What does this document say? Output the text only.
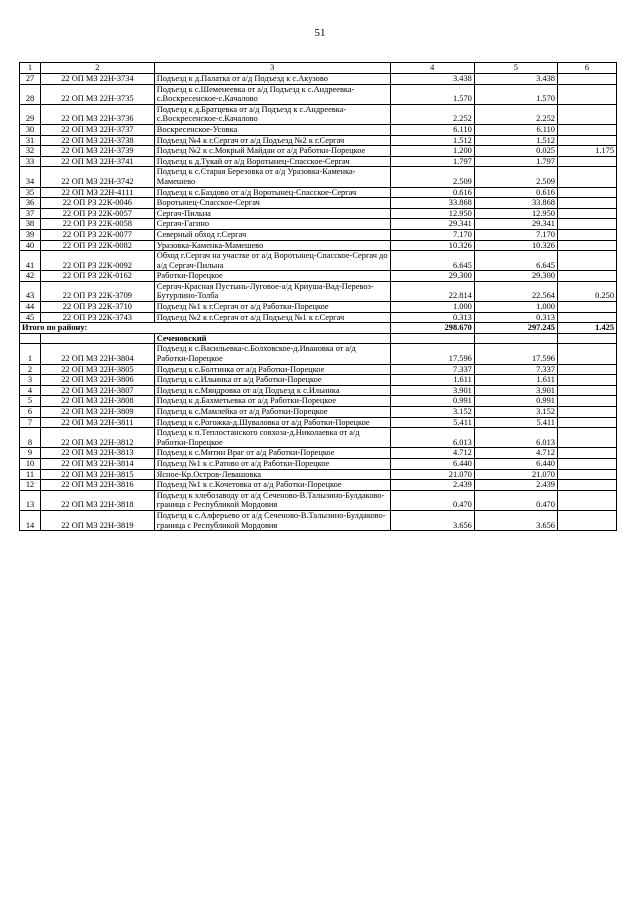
51
1	2	3	4	5	6
27	22 ОП МЗ 22Н-3734	Подъезд к д.Палатка от а/д Подъезд к с.Акузово	3.438	3.438	
28	22 ОП МЗ 22Н-3735	Подъезд к с.Шеменеевка от а/д Подъезд к с.Андреевка-с.Воскресенское-с.Качалово	1.570	1.570	
29	22 ОП МЗ 22Н-3736	Подъезд к д.Братцевка от а/д Подъезд к с.Андреевка-с.Воскресенское-с.Качалово	2.252	2.252	
30	22 ОП МЗ 22Н-3737	Воскресенское-Усовка	6.110	6.110	
31	22 ОП МЗ 22Н-3738	Подъезд №4 к г.Сергач от а/д Подъезд №2 к г.Сергач	1.512	1.512	
32	22 ОП МЗ 22Н-3739	Подъезд №2 к с.Мокрый Майдан от а/д Работки-Порецкое	1.200	0.025	1.175
33	22 ОП МЗ 22Н-3741	Подъезд к д.Тукай от а/д Воротынец-Спасское-Сергач	1.797	1.797	
34	22 ОП МЗ 22Н-3742	Подъезд к с.Старая Березовка от а/д Уразовка-Каменка-Мамешево	2.509	2.509	
35	22 ОП МЗ 22Н-4111	Подъезд к с.Баздово от а/д Воротынец-Спасское-Сергач	0.616	0.616	
36	22 ОП РЗ 22К-0046	Воротынец-Спасское-Сергач	33.868	33.868	
37	22 ОП РЗ 22К-0057	Сергач-Пильна	12.950	12.950	
38	22 ОП РЗ 22К-0058	Сергач-Гагино	29.341	29.341	
39	22 ОП РЗ 22К-0077	Северный обход г.Сергач	7.170	7.170	
40	22 ОП РЗ 22К-0082	Уразовка-Каменка-Мамешево	10.326	10.326	
41	22 ОП РЗ 22К-0092	Обход г.Сергач на участке от а/д Воротынец-Спасское-Сергач до а/д Сергач-Пильна	6.645	6.645	
42	22 ОП РЗ 22К-0162	Работки-Порецкое	29.300	29.300	
43	22 ОП РЗ 22К-3709	Сергач-Красная Пустынь-Луговое-а/д Криуша-Вад-Перевоз-Бутурлино-Толба	22.814	22.564	0.250
44	22 ОП РЗ 22К-3710	Подъезд №1 к г.Сергач от а/д Работки-Порецкое	1.000	1.000	
45	22 ОП РЗ 22К-3743	Подъезд №2 к г.Сергач от а/д Подъезд №1 к г.Сергач	0.313	0.313	
Итого по району:			298.670	297.245	1.425
		Сеченовский			
1	22 ОП МЗ 22Н-3804	Подъезд к с.Васильевка-с.Болховское-д.Ивановка от а/д Работки-Порецкое	17.596	17.596	
2	22 ОП МЗ 22Н-3805	Подъезд к с.Болтинка от а/д Работки-Порецкое	7.337	7.337	
3	22 ОП МЗ 22Н-3806	Подъезд к с.Ильинка от а/д Работки-Порецкое	1.611	1.611	
4	22 ОП МЗ 22Н-3807	Подъезд к с.Мяндровка от а/д Подъезд к с.Ильинка	3.901	3.901	
5	22 ОП МЗ 22Н-3808	Подъезд к д.Бахметьевка от а/д Работки-Порецкое	0.991	0.991	
6	22 ОП МЗ 22Н-3809	Подъезд к с.Мамлейка от а/д Работки-Порецкое	3.152	3.152	
7	22 ОП МЗ 22Н-3811	Подъезд к с.Рогожка-д.Шуваловка от а/д Работки-Порецкое	5.411	5.411	
8	22 ОП МЗ 22Н-3812	Подъезд к п.Теплостанского совхоза-д.Николаевка от а/д Работки-Порецкое	6.013	6.013	
9	22 ОП МЗ 22Н-3813	Подъезд к с.Митин Враг от а/д Работки-Порецкое	4.712	4.712	
10	22 ОП МЗ 22Н-3814	Подъезд №1 к с.Ратово от а/д Работки-Порецкое	6.440	6.440	
11	22 ОП МЗ 22Н-3815	Ясное-Кр.Остров-Левашовка	21.070	21.070	
12	22 ОП МЗ 22Н-3816	Подъезд №1 к с.Кочетовка от а/д Работки-Порецкое	2.439	2.439	
13	22 ОП МЗ 22Н-3818	Подъезд к хлебозаводу от а/д Сеченово-В.Талызино-Булдаково-граница с Республикой Мордовия	0.470	0.470	
14	22 ОП МЗ 22Н-3819	Подъезд к с.Алферьево от а/д Сеченово-В.Талызино-Булдаково-граница с Республикой Мордовия	3.656	3.656	
